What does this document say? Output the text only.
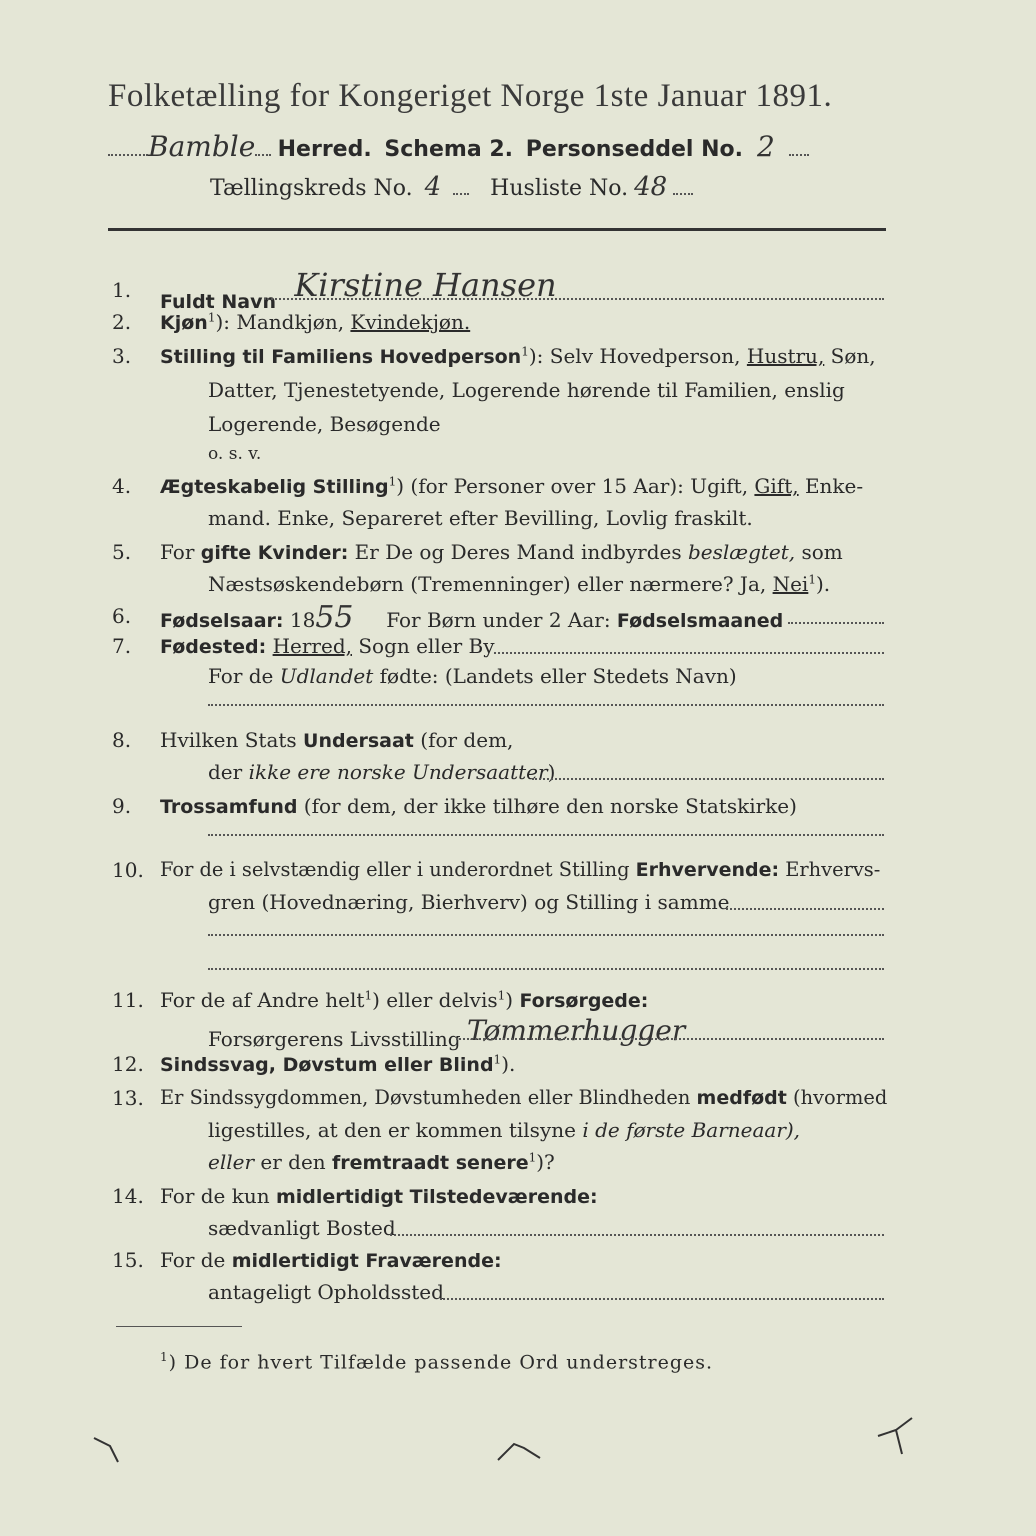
Folketælling for Kongeriget Norge 1ste Januar 1891.
Bamble Herred. Schema 2. Personseddel No. 2
Tællingskreds No. 4 Husliste No. 48
1.	Fuldt Navn Kirstine Hansen
2.	Kjøn$^1$): Mandkjøn, Kvindekjøn.
3.	Stilling til Familiens Hovedperson$^1$): Selv Hovedperson, Hustru, Søn,
Datter, Tjenestetyende, Logerende hørende til Familien, enslig
Logerende, Besøgende
o. s. v.
4.	Ægteskabelig Stilling$^1$) (for Personer over 15 Aar): Ugift, Gift, Enke-
mand. Enke, Separeret efter Bevilling, Lovlig fraskilt.
5.	For gifte Kvinder: Er De og Deres Mand indbyrdes beslægtet, som
Næstsøskendebørn (Tremenninger) eller nærmere? Ja, Nei$^1$).
6.	Fødselsaar: 1855 For Børn under 2 Aar: Fødselsmaaned
7.	Fødested: Herred, Sogn eller By
For de Udlandet fødte: (Landets eller Stedets Navn)
8.	Hvilken Stats Undersaat (for dem,
der ikke ere norske Undersaatter)
9.	Trossamfund (for dem, der ikke tilhøre den norske Statskirke)
10. For de i selvstændig eller i underordnet Stilling Erhvervende: Erhvervs-
gren (Hovednæring, Bierhverv) og Stilling i samme
11. For de af Andre helt$^1$) eller delvis$^1$) Forsørgede:
Forsørgerens Livsstilling Tømmerhugger
12. Sindssvag, Døvstum eller Blind$^1$).
13. Er Sindssygdommen, Døvstumheden eller Blindheden medfødt (hvormed
ligestilles, at den er kommen tilsyne i de første Barneaar),
eller er den fremtraadt senere$^1$)?
14. For de kun midlertidigt Tilstedeværende:
sædvanligt Bosted
15. For de midlertidigt Fraværende:
antageligt Opholdssted
$^1$) De for hvert Tilfælde passende Ord understreges.
